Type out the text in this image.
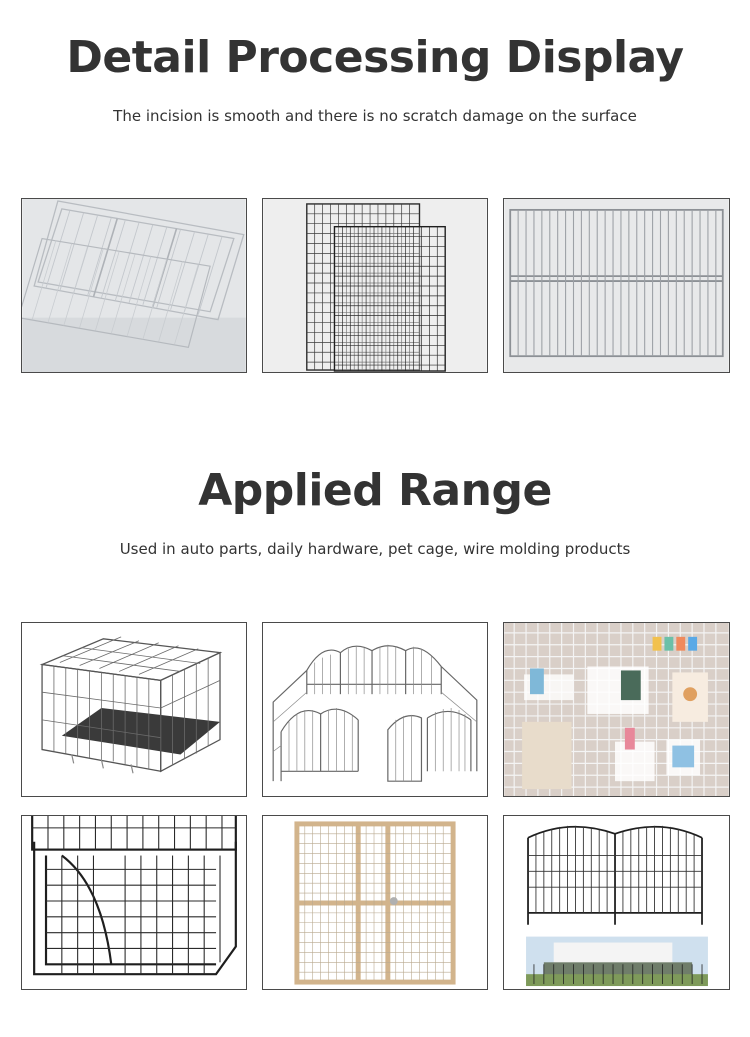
Detail Processing Display

The incision is smooth and there is no scratch damage on the surface

Applied Range

Used in auto parts, daily hardware, pet cage, wire molding products
